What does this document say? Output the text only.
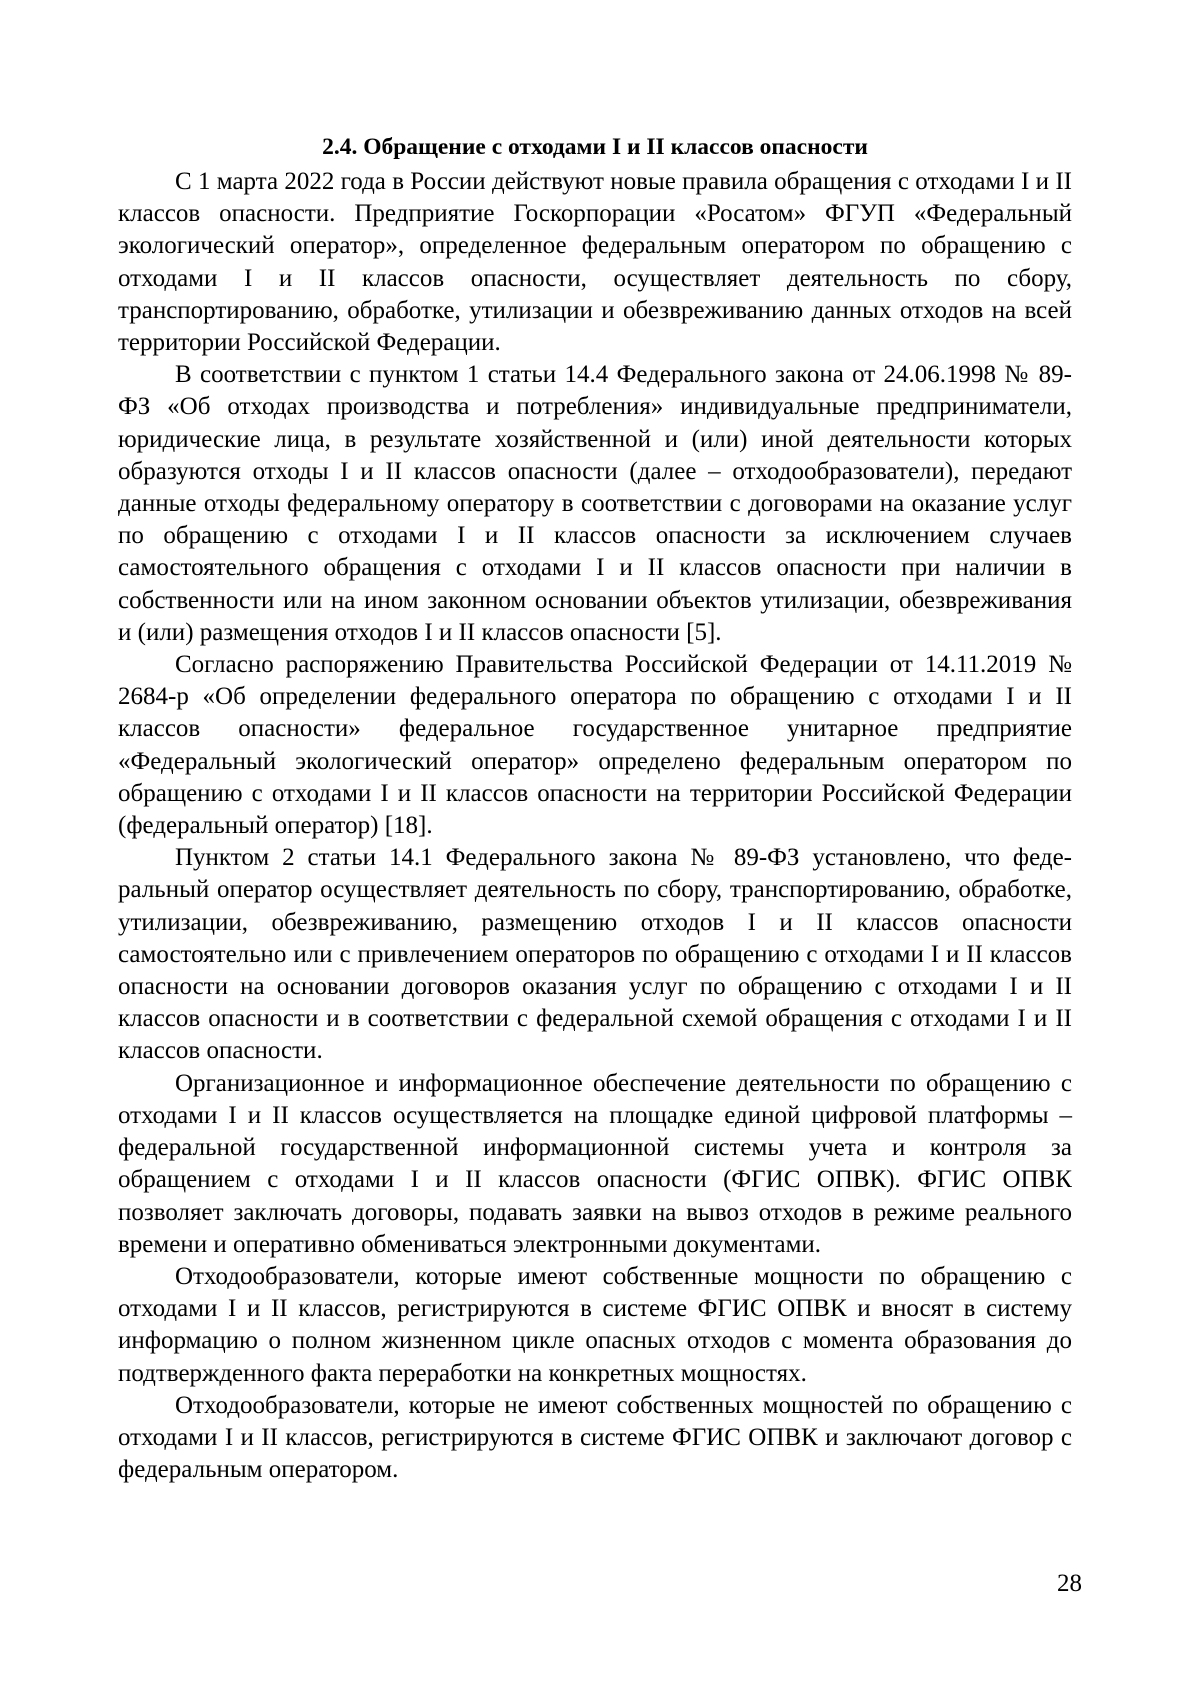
2.4. Обращение с отходами I и II классов опасности

С 1 марта 2022 года в России действуют новые правила обращения с отходами I и II классов опасности. Предприятие Госкорпорации «Росатом» ФГУП «Федеральный экологический оператор», определенное федеральным оператором по обращению с отходами I и II классов опасности, осуществляет деятельность по сбору, транспортированию, обработке, утилизации и обезвреживанию данных отходов на всей территории Российской Федерации.

В соответствии с пунктом 1 статьи 14.4 Федерального закона от 24.06.1998 № 89-ФЗ «Об отходах производства и потребления» индивидуальные предприниматели, юридические лица, в результате хозяйственной и (или) иной деятельности которых образуются отходы I и II классов опасности (далее – отходообразователи), передают данные отходы федеральному оператору в соответствии с договорами на оказание услуг по обращению с отходами I и II классов опасности за исключением случаев самостоятельного обращения с отходами I и II классов опасности при наличии в собственности или на ином законном основании объектов утилизации, обезвреживания и (или) размещения отходов I и II классов опасности [5].

Согласно распоряжению Правительства Российской Федерации от 14.11.2019 № 2684-р «Об определении федерального оператора по обращению с отходами I и II классов опасности» федеральное государственное унитарное предприятие «Федеральный экологический оператор» определено федеральным оператором по обращению с отходами I и II классов опасности на территории Российской Федерации (федеральный оператор) [18].

Пунктом 2 статьи 14.1 Федерального закона № 89-ФЗ установлено, что федеральный оператор осуществляет деятельность по сбору, транспортированию, обработке, утилизации, обезвреживанию, размещению отходов I и II классов опасности самостоятельно или с привлечением операторов по обращению с отходами I и II классов опасности на основании договоров оказания услуг по обращению с отходами I и II классов опасности и в соответствии с федеральной схемой обращения с отходами I и II классов опасности.

Организационное и информационное обеспечение деятельности по обращению с отходами I и II классов осуществляется на площадке единой цифровой платформы – федеральной государственной информационной системы учета и контроля за обращением с отходами I и II классов опасности (ФГИС ОПВК). ФГИС ОПВК позволяет заключать договоры, подавать заявки на вывоз отходов в режиме реального времени и оперативно обмениваться электронными документами.

Отходообразователи, которые имеют собственные мощности по обращению с отходами I и II классов, регистрируются в системе ФГИС ОПВК и вносят в систему информацию о полном жизненном цикле опасных отходов с момента образования до подтвержденного факта переработки на конкретных мощностях.

Отходообразователи, которые не имеют собственных мощностей по обращению с отходами I и II классов, регистрируются в системе ФГИС ОПВК и заключают договор с федеральным оператором.

28
